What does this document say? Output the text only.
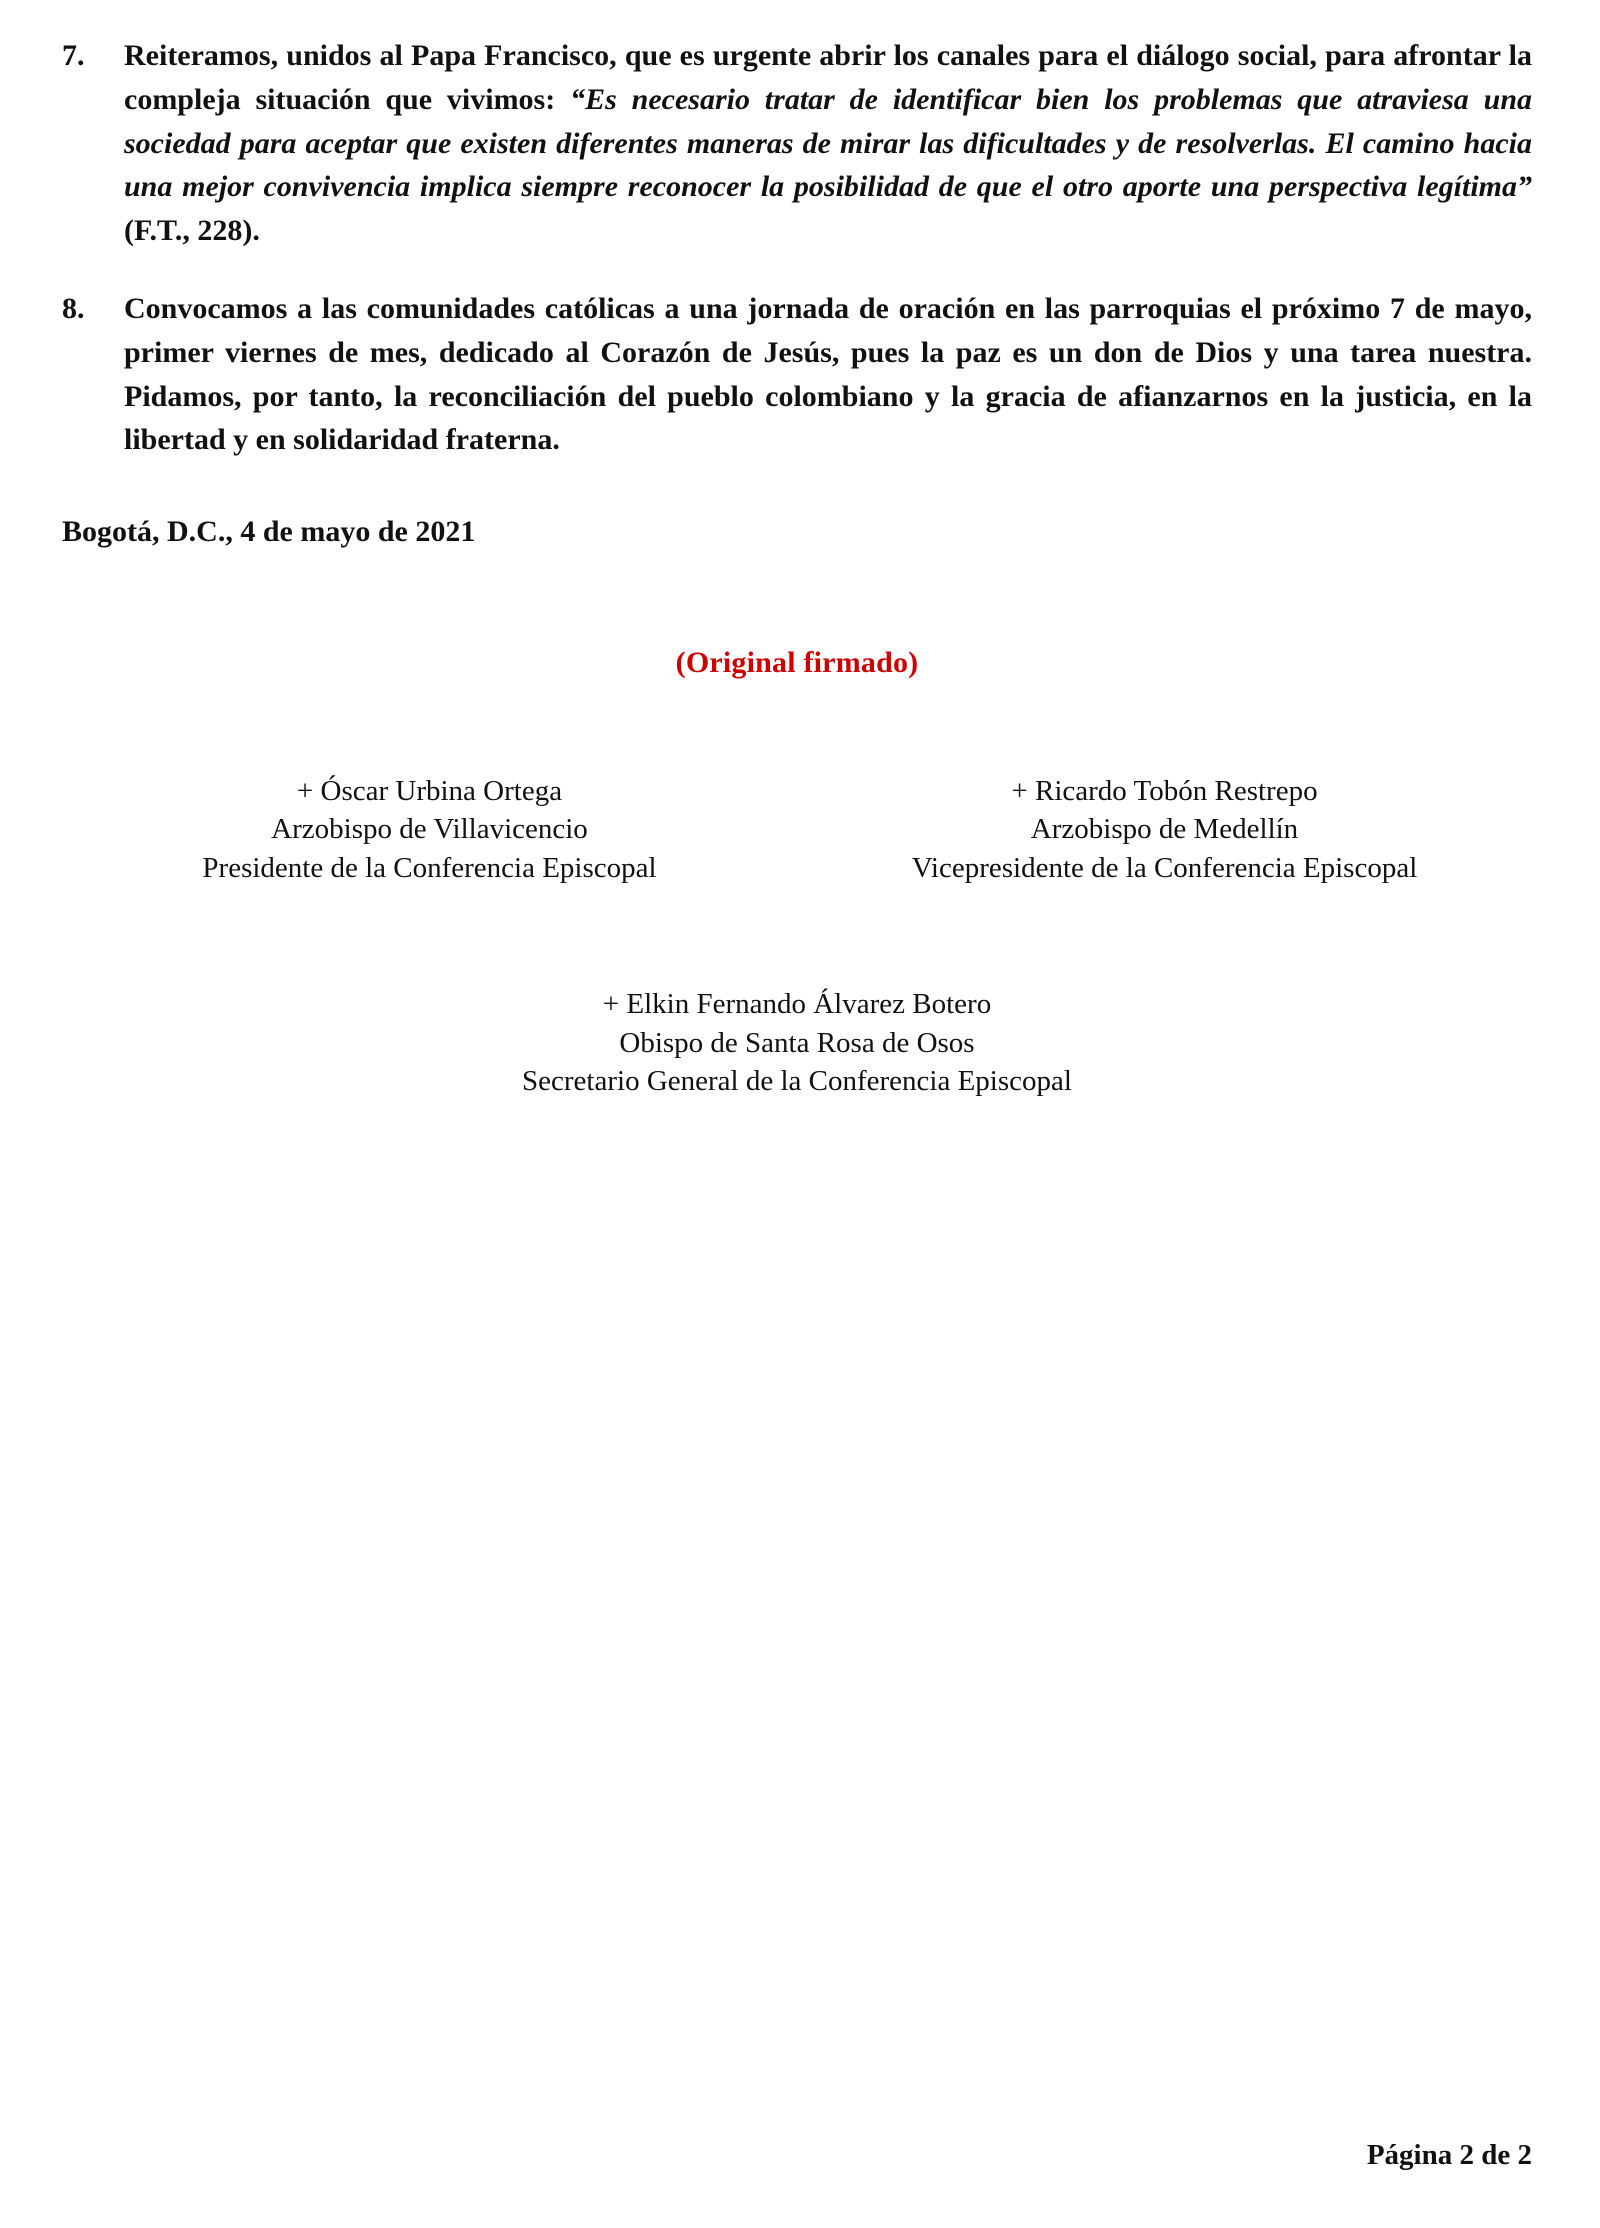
7.	Reiteramos, unidos al Papa Francisco, que es urgente abrir los canales para el diálogo social, para afrontar la compleja situación que vivimos: “Es necesario tratar de identificar bien los problemas que atraviesa una sociedad para aceptar que existen diferentes maneras de mirar las dificultades y de resolverlas. El camino hacia una mejor convivencia implica siempre reconocer la posibilidad de que el otro aporte una perspectiva legítima” (F.T., 228).
8.	Convocamos a las comunidades católicas a una jornada de oración en las parroquias el próximo 7 de mayo, primer viernes de mes, dedicado al Corazón de Jesús, pues la paz es un don de Dios y una tarea nuestra. Pidamos, por tanto, la reconciliación del pueblo colombiano y la gracia de afianzarnos en la justicia, en la libertad y en solidaridad fraterna.
Bogotá, D.C., 4 de mayo de 2021
(Original firmado)
+ Óscar Urbina Ortega
Arzobispo de Villavicencio
Presidente de la Conferencia Episcopal
+ Ricardo Tobón Restrepo
Arzobispo de Medellín
Vicepresidente de la Conferencia Episcopal
+ Elkin Fernando Álvarez Botero
Obispo de Santa Rosa de Osos
Secretario General de la Conferencia Episcopal
Página 2 de 2
